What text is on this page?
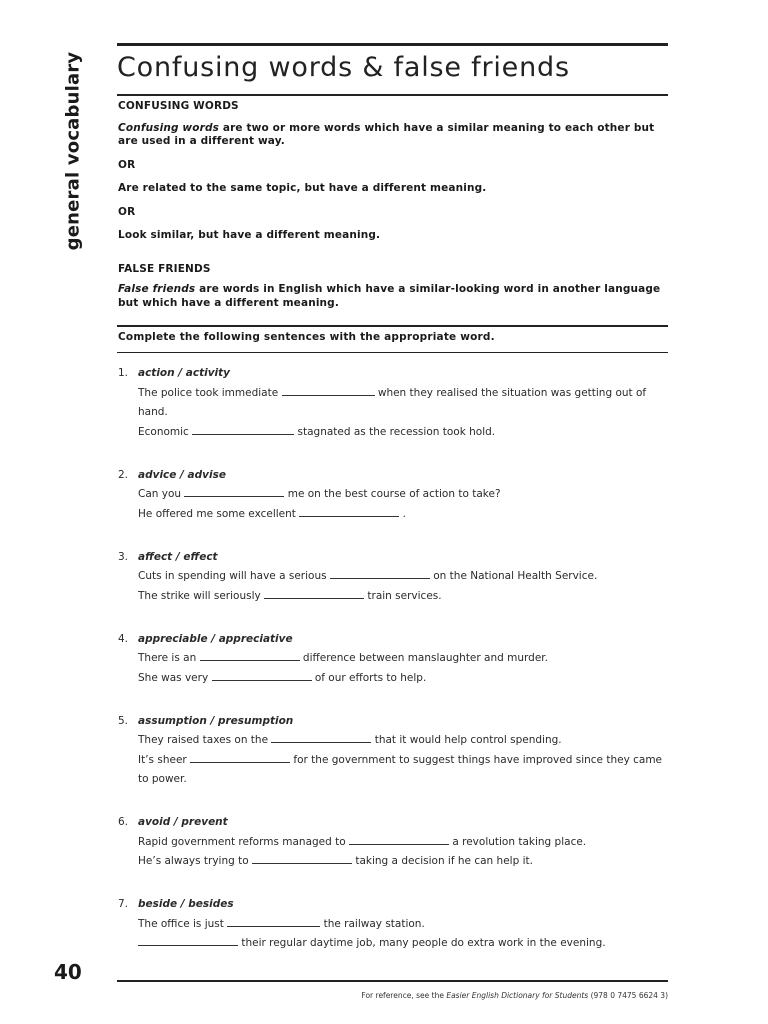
general vocabulary Confusing words & false friends

CONFUSING WORDS

Confusing words are two or more words which have a similar meaning to each other but are used in a different way.

OR

Are related to the same topic, but have a different meaning.

OR

Look similar, but have a different meaning.

FALSE FRIENDS

False friends are words in English which have a similar-looking word in another language but which have a different meaning.

Complete the following sentences with the appropriate word.

1. action / activity

The police took immediate	when they realised the situation was getting out of hand.

Economic	stagnated as the recession took hold.

2. advice / advise

Can you	me on the best course of action to take?

He offered me some excellent	.

3. affect / effect

Cuts in spending will have a serious	on the National Health Service.

The strike will seriously	train services.

4. appreciable / appreciative

There is an	difference between manslaughter and murder.

She was very	of our efforts to help.

5. assumption / presumption

They raised taxes on the	that it would help control spending.

It’s sheer	for the government to suggest things have improved since they came to power.

6. avoid / prevent

Rapid government reforms managed to	a revolution taking place.

He’s always trying to	taking a decision if he can help it.

7. beside / besides

The office is just	the railway station.

their regular daytime job, many people do extra work in the evening.

40

For reference, see the Easier English Dictionary for Students (978 0 7475 6624 3)
